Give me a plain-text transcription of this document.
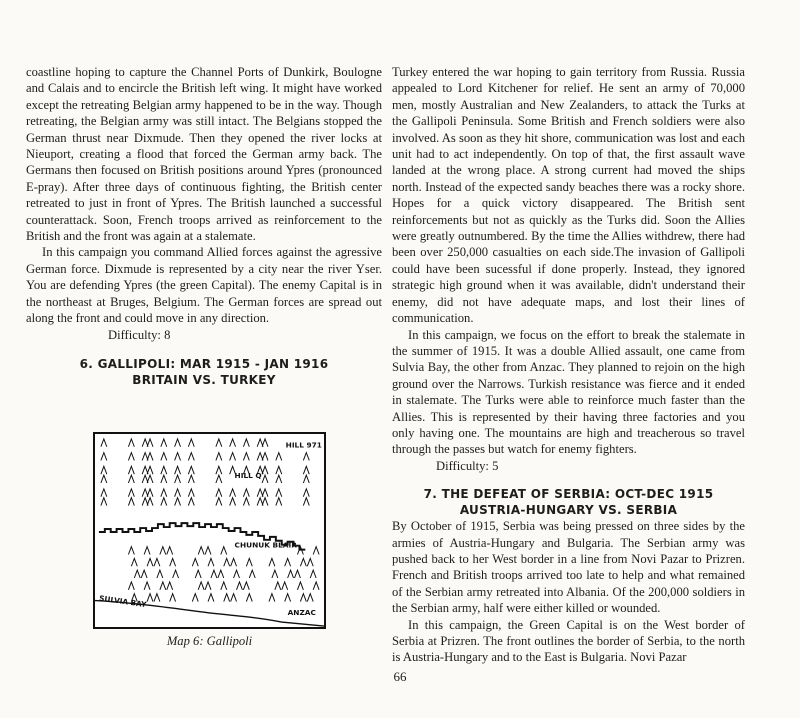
coastline hoping to capture the Channel Ports of Dunkirk, Boulogne and Calais and to encircle the British left wing. It might have worked except the retreating Belgian army happened to be in the way. Though retreating, the Belgian army was still intact. The Belgians stopped the German thrust near Dixmude. Then they opened the river locks at Nieuport, creating a flood that forced the German army back. The Germans then focused on British positions around Ypres (pronounced E-pray). After three days of continuous fighting, the British center retreated to just in front of Ypres. The British launched a successful counterattack. Soon, French troops arrived as reinforcement to the British and the front was again at a stalemate.

In this campaign you command Allied forces against the agressive German force. Dixmude is represented by a city near the river Yser. You are defending Ypres (the green Capital). The enemy Capital is in the northeast at Bruges, Belgium. The German forces are spread out along the front and could move in any direction.

Difficulty: 8

6. GALLIPOLI: MAR 1915 - JAN 1916

BRITAIN VS. TURKEY

HILL 971
HILL Q
CHUNUK BLAIR
SULVIA BAY
ANZAC
Map 6: Gallipoli

Turkey entered the war hoping to gain territory from Russia. Russia appealed to Lord Kitchener for relief. He sent an army of 70,000 men, mostly Australian and New Zealanders, to attack the Turks at the Gallipoli Peninsula. Some British and French soldiers were also involved. As soon as they hit shore, communication was lost and each unit had to act independently. On top of that, the first assault wave landed at the wrong place. A strong current had moved the ships north. Instead of the expected sandy beaches there was a rocky shore. Hopes for a quick victory disappeared. The British sent reinforcements but not as quickly as the Turks did. Soon the Allies were greatly outnumbered. By the time the Allies withdrew, there had been over 250,000 casualties on each side.The invasion of Gallipoli could have been sucessful if done properly. Instead, they ignored strategic high ground when it was available, didn't understand their enemy, did not have adequate maps, and lost their lines of communication.

In this campaign, we focus on the effort to break the stalemate in the summer of 1915. It was a double Allied assault, one came from Sulvia Bay, the other from Anzac. They planned to rejoin on the high ground over the Narrows. Turkish resistance was fierce and it ended in stalemate. The Turks were able to reinforce much faster than the Allies. This is represented by their having three factories and you only having one. The mountains are high and treacherous so travel through the passes but watch for enemy fighters.

Difficulty: 5

7. THE DEFEAT OF SERBIA: OCT-DEC 1915

AUSTRIA-HUNGARY VS. SERBIA

By October of 1915, Serbia was being pressed on three sides by the armies of Austria-Hungary and Bulgaria. The Serbian army was pushed back to her West border in a line from Novi Pazar to Prizren. French and British troops arrived too late to help and what remained of the Serbian army retreated into Albania. Of the 200,000 soldiers in the Serbian army, half were either killed or wounded.

In this campaign, the Green Capital is on the West border of Serbia at Prizren. The front outlines the border of Serbia, to the north is Austria-Hungary and to the East is Bulgaria. Novi Pazar

66
